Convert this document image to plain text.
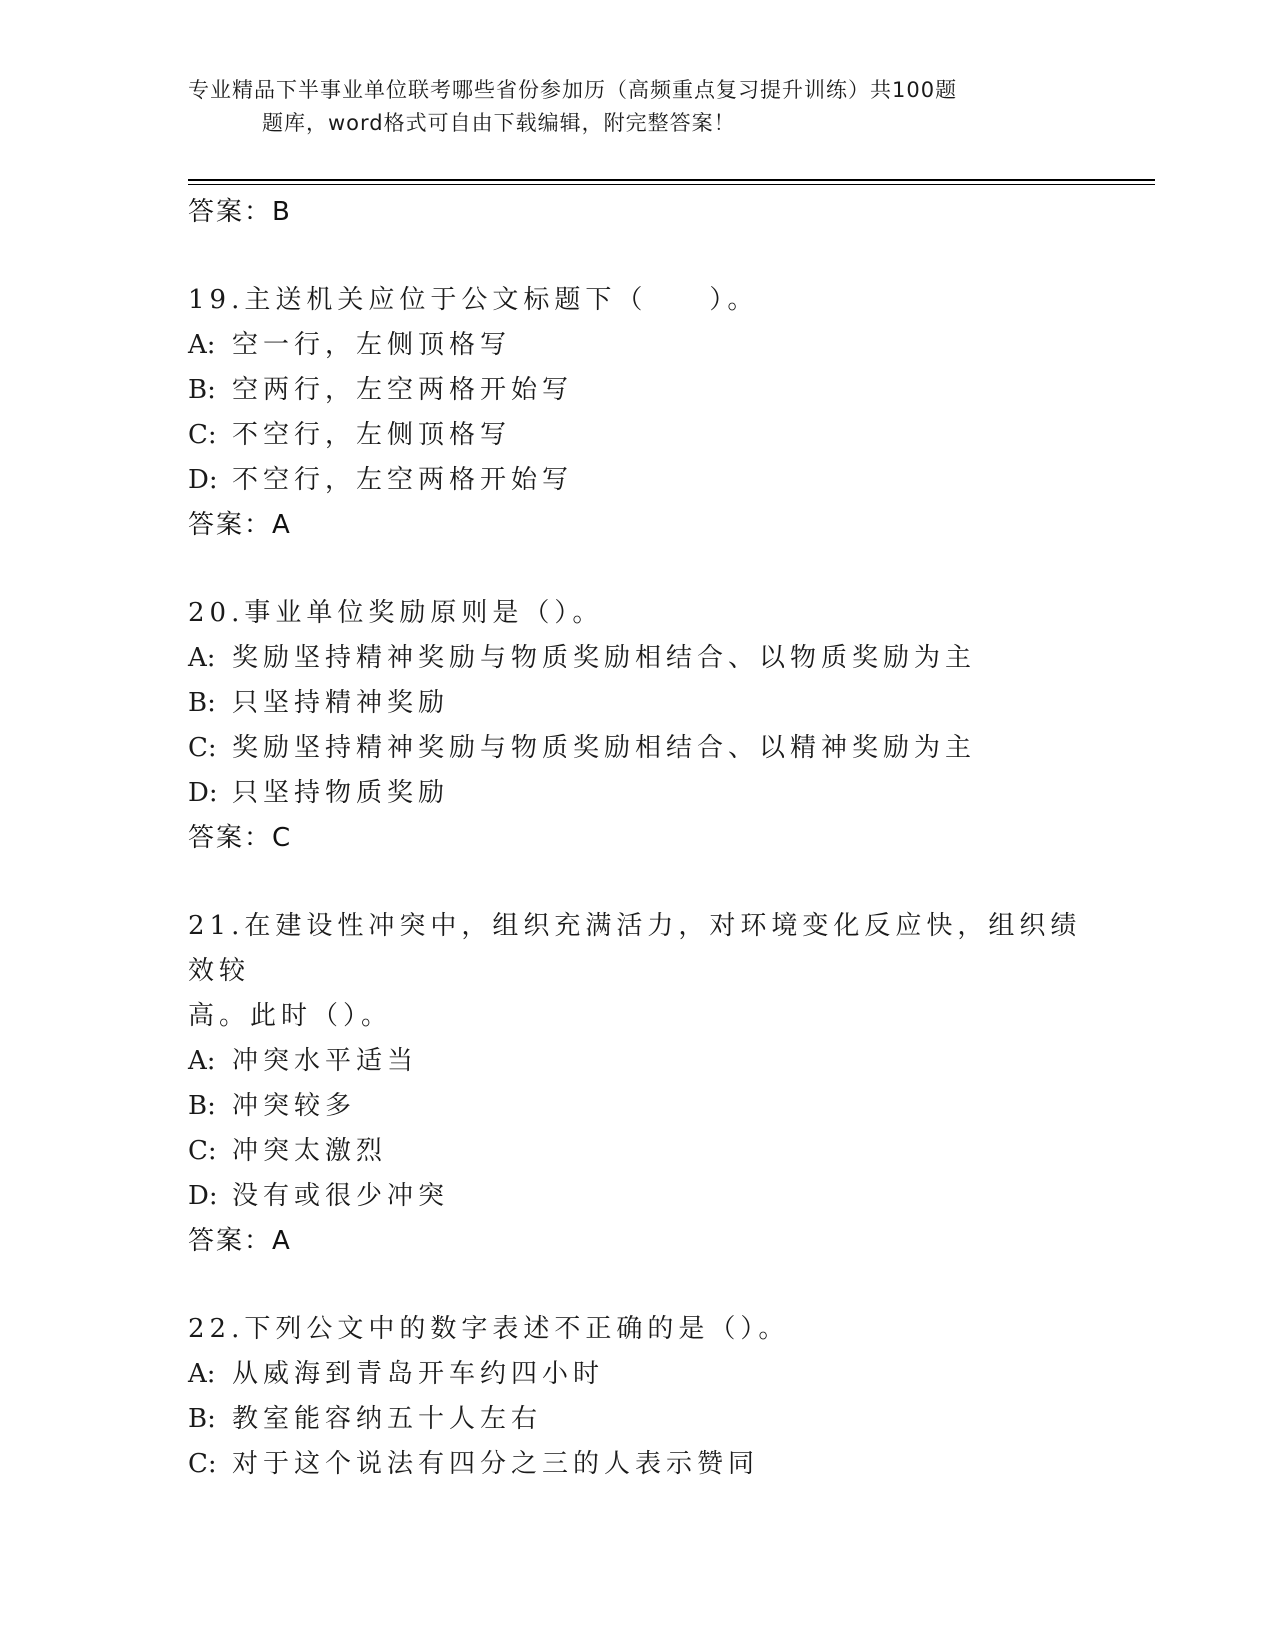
专业精品下半事业单位联考哪些省份参加历（高频重点复习提升训练）共100题
题库，word格式可自由下载编辑，附完整答案！
答案：B
19.主送机关应位于公文标题下（　　）。
A: 空一行，左侧顶格写
B: 空两行，左空两格开始写
C: 不空行，左侧顶格写
D: 不空行，左空两格开始写
答案：A
20.事业单位奖励原则是（）。
A: 奖励坚持精神奖励与物质奖励相结合、以物质奖励为主
B: 只坚持精神奖励
C: 奖励坚持精神奖励与物质奖励相结合、以精神奖励为主
D: 只坚持物质奖励
答案：C
21.在建设性冲突中，组织充满活力，对环境变化反应快，组织绩效较
高。此时（）。
A: 冲突水平适当
B: 冲突较多
C: 冲突太激烈
D: 没有或很少冲突
答案：A
22.下列公文中的数字表述不正确的是（）。
A: 从威海到青岛开车约四小时
B: 教室能容纳五十人左右
C: 对于这个说法有四分之三的人表示赞同
